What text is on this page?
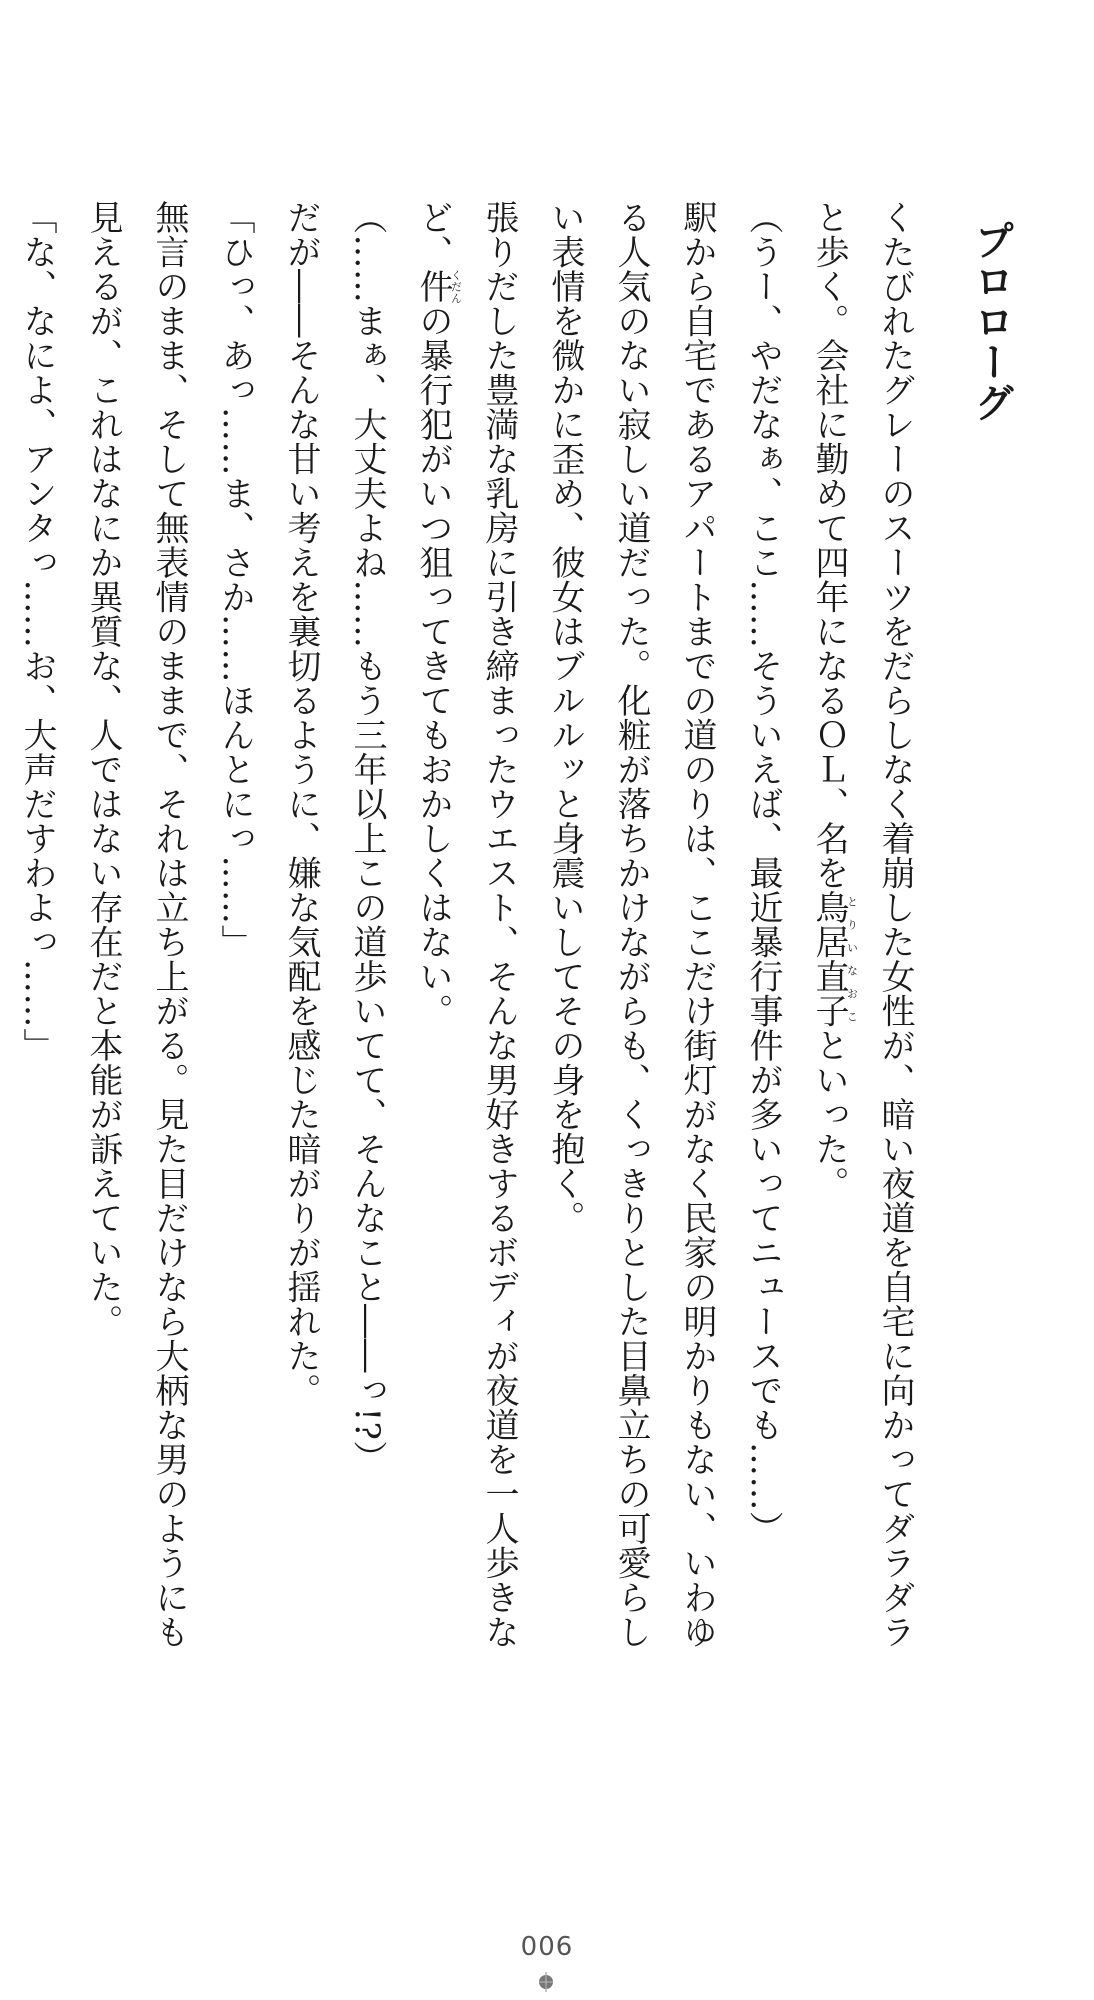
プロローグ
くたびれたグレーのスーツをだらしなく着崩した女性が、暗い夜道を自宅に向かってダラダラと歩く。会社に勤めて四年になるＯＬ、名を鳥居直子とりいなおこといった。
（うー、やだなぁ、ここ……そういえば、最近暴行事件が多いってニュースでも……）
駅から自宅であるアパートまでの道のりは、ここだけ街灯がなく民家の明かりもない、いわゆる人気のない寂しい道だった。化粧が落ちかけながらも、くっきりとした目鼻立ちの可愛らしい表情を微かに歪め、彼女はブルルッと身震いしてその身を抱く。
張りだした豊満な乳房に引き締まったウエスト、そんな男好きするボディが夜道を一人歩きなど、件くだんの暴行犯がいつ狙ってきてもおかしくはない。
（……まぁ、大丈夫よね……もう三年以上この道歩いてて、そんなこと――っ!?）
だが――そんな甘い考えを裏切るように、嫌な気配を感じた暗がりが揺れた。
「ひっ、あっ……ま、さか……ほんとにっ……」
無言のまま、そして無表情のままで、それは立ち上がる。見た目だけなら大柄な男のようにも見えるが、これはなにか異質な、人ではない存在だと本能が訴えていた。
「な、なによ、アンタっ……お、大声だすわよっ……」
006
